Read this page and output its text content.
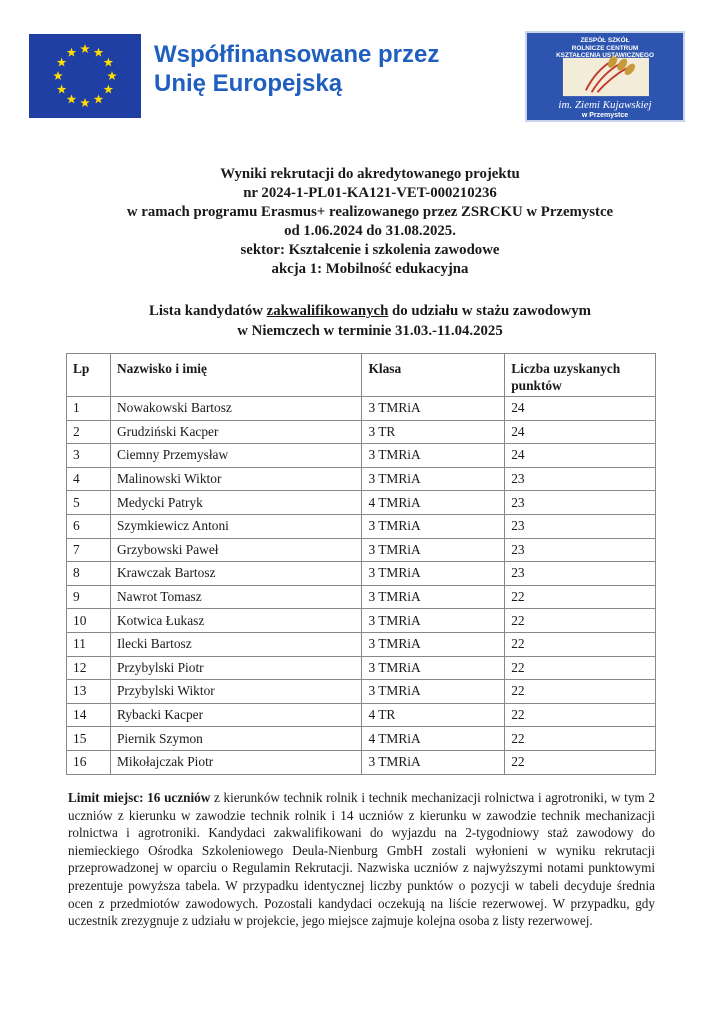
Współfinansowane przez
Unię Europejską
ZESPÓŁ SZKÓŁ
ROLNICZE CENTRUM
KSZTAŁCENIA USTAWICZNEGO
im. Ziemi Kujawskiej
w Przemystce
Wyniki rekrutacji do akredytowanego projektu
nr 2024-1-PL01-KA121-VET-000210236
w ramach programu Erasmus+ realizowanego przez ZSRCKU w Przemystce
od 1.06.2024 do 31.08.2025.
sektor: Kształcenie i szkolenia zawodowe
akcja 1: Mobilność edukacyjna
Lista kandydatów zakwalifikowanych do udziału w stażu zawodowym
w Niemczech w terminie 31.03.-11.04.2025
Lp	Nazwisko i imię	Klasa	Liczba uzyskanych punktów
1	Nowakowski Bartosz	3 TMRiA	24
2	Grudziński Kacper	3 TR	24
3	Ciemny Przemysław	3 TMRiA	24
4	Malinowski Wiktor	3 TMRiA	23
5	Medycki Patryk	4 TMRiA	23
6	Szymkiewicz Antoni	3 TMRiA	23
7	Grzybowski Paweł	3 TMRiA	23
8	Krawczak Bartosz	3 TMRiA	23
9	Nawrot Tomasz	3 TMRiA	22
10	Kotwica Łukasz	3 TMRiA	22
11	Ilecki Bartosz	3 TMRiA	22
12	Przybylski Piotr	3 TMRiA	22
13	Przybylski Wiktor	3 TMRiA	22
14	Rybacki Kacper	4 TR	22
15	Piernik Szymon	4 TMRiA	22
16	Mikołajczak Piotr	3 TMRiA	22
Limit miejsc: 16 uczniów z kierunków technik rolnik i technik mechanizacji rolnictwa i agrotroniki, w tym 2 uczniów z kierunku w zawodzie technik rolnik i 14 uczniów z kierunku w zawodzie technik mechanizacji rolnictwa i agrotroniki. Kandydaci zakwalifikowani do wyjazdu na 2-tygodniowy staż zawodowy do niemieckiego Ośrodka Szkoleniowego Deula-Nienburg GmbH zostali wyłonieni w wyniku rekrutacji przeprowadzonej w oparciu o Regulamin Rekrutacji. Nazwiska uczniów z najwyższymi notami punktowymi prezentuje powyższa tabela. W przypadku identycznej liczby punktów o pozycji w tabeli decyduje średnia ocen z przedmiotów zawodowych. Pozostali kandydaci oczekują na liście rezerwowej. W przypadku, gdy uczestnik zrezygnuje z udziału w projekcie, jego miejsce zajmuje kolejna osoba z listy rezerwowej.
